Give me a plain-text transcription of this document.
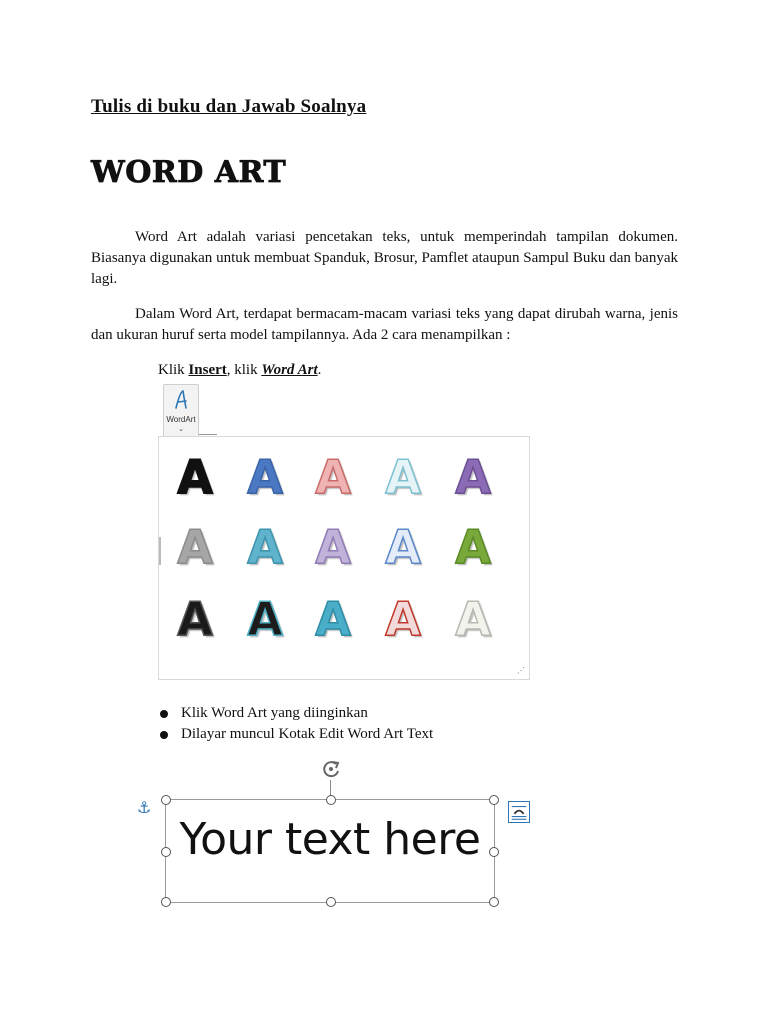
Tulis di buku dan Jawab Soalnya
WORD ART

Word Art adalah variasi pencetakan teks, untuk memperindah tampilan dokumen. Biasanya digunakan untuk membuat Spanduk, Brosur, Pamflet ataupun Sampul Buku dan banyak lagi.

Dalam Word Art, terdapat bermacam-macam variasi teks yang dapat dirubah warna, jenis dan ukuran huruf serta model tampilannya. Ada 2 cara menampilkan :

Klik Insert, klik Word Art.
WordArt
⌄
A A A A A
A A A A A
A A A A A
⋰
Klik Word Art yang diinginkan
Dilayar muncul Kotak Edit Word Art Text
⚓
Your text here
